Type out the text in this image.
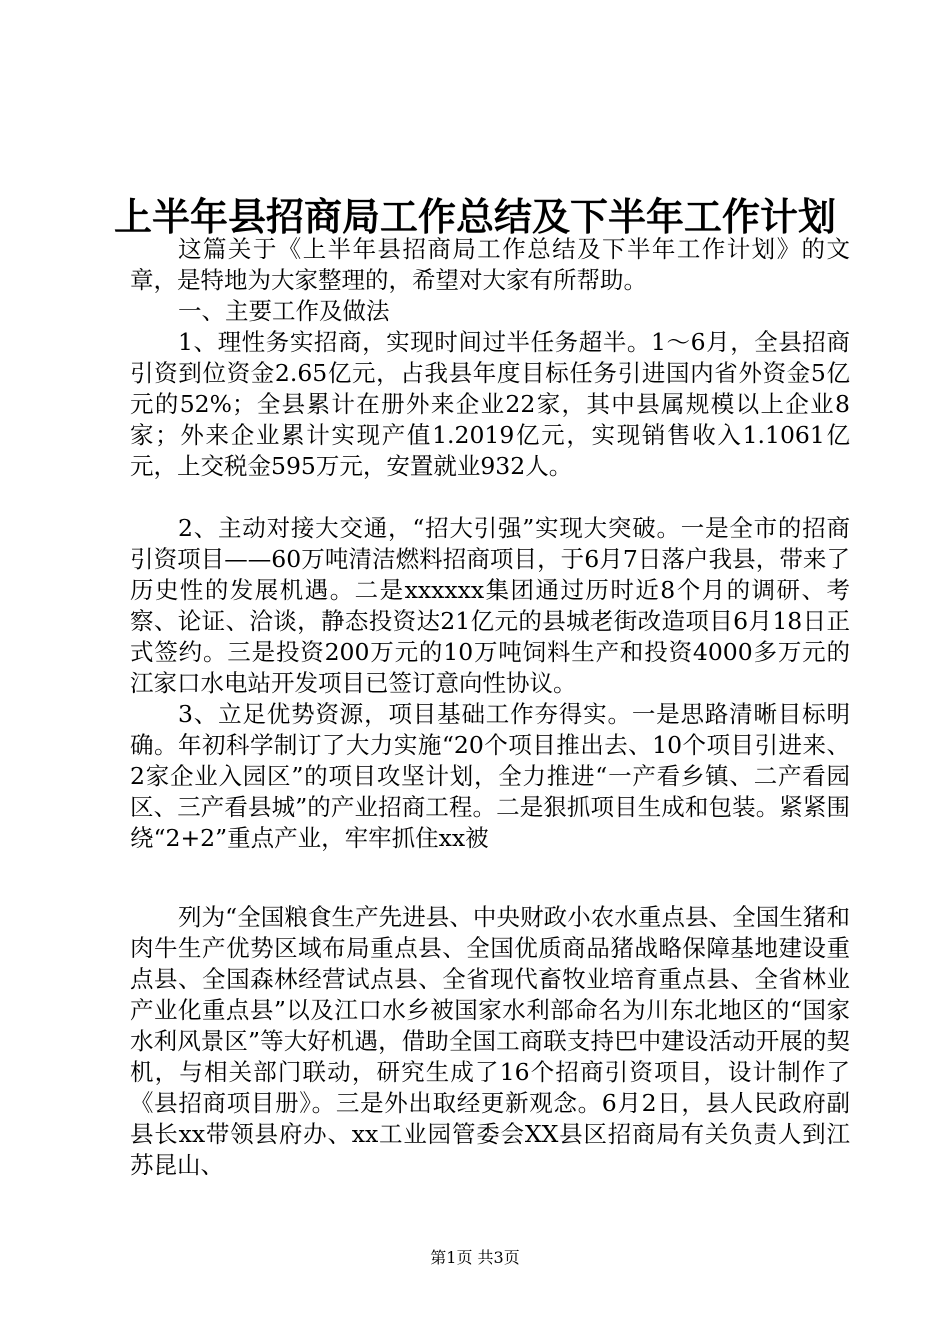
上半年县招商局工作总结及下半年工作计划

这篇关于《上半年县招商局工作总结及下半年工作计划》的文章，是特地为大家整理的，希望对大家有所帮助。

一、主要工作及做法

1、理性务实招商，实现时间过半任务超半。1～6月，全县招商引资到位资金2.65亿元，占我县年度目标任务引进国内省外资金5亿元的52%；全县累计在册外来企业22家，其中县属规模以上企业8家；外来企业累计实现产值1.2019亿元，实现销售收入1.1061亿元，上交税金595万元，安置就业932人。

2、主动对接大交通，“招大引强”实现大突破。一是全市的招商引资项目——60万吨清洁燃料招商项目，于6月7日落户我县，带来了历史性的发展机遇。二是xxxxxx集团通过历时近8个月的调研、考察、论证、洽谈，静态投资达21亿元的县城老街改造项目6月18日正式签约。三是投资200万元的10万吨饲料生产和投资4000多万元的江家口水电站开发项目已签订意向性协议。

3、立足优势资源，项目基础工作夯得实。一是思路清晰目标明确。年初科学制订了大力实施“20个项目推出去、10个项目引进来、2家企业入园区”的项目攻坚计划，全力推进“一产看乡镇、二产看园区、三产看县城”的产业招商工程。二是狠抓项目生成和包装。紧紧围绕“2+2”重点产业，牢牢抓住xx被

列为“全国粮食生产先进县、中央财政小农水重点县、全国生猪和肉牛生产优势区域布局重点县、全国优质商品猪战略保障基地建设重点县、全国森林经营试点县、全省现代畜牧业培育重点县、全省林业产业化重点县”以及江口水乡被国家水利部命名为川东北地区的“国家水利风景区”等大好机遇，借助全国工商联支持巴中建设活动开展的契机，与相关部门联动，研究生成了16个招商引资项目，设计制作了《县招商项目册》。三是外出取经更新观念。6月2日，县人民政府副县长xx带领县府办、xx工业园管委会XX县区招商局有关负责人到江苏昆山、

第1页 共3页
